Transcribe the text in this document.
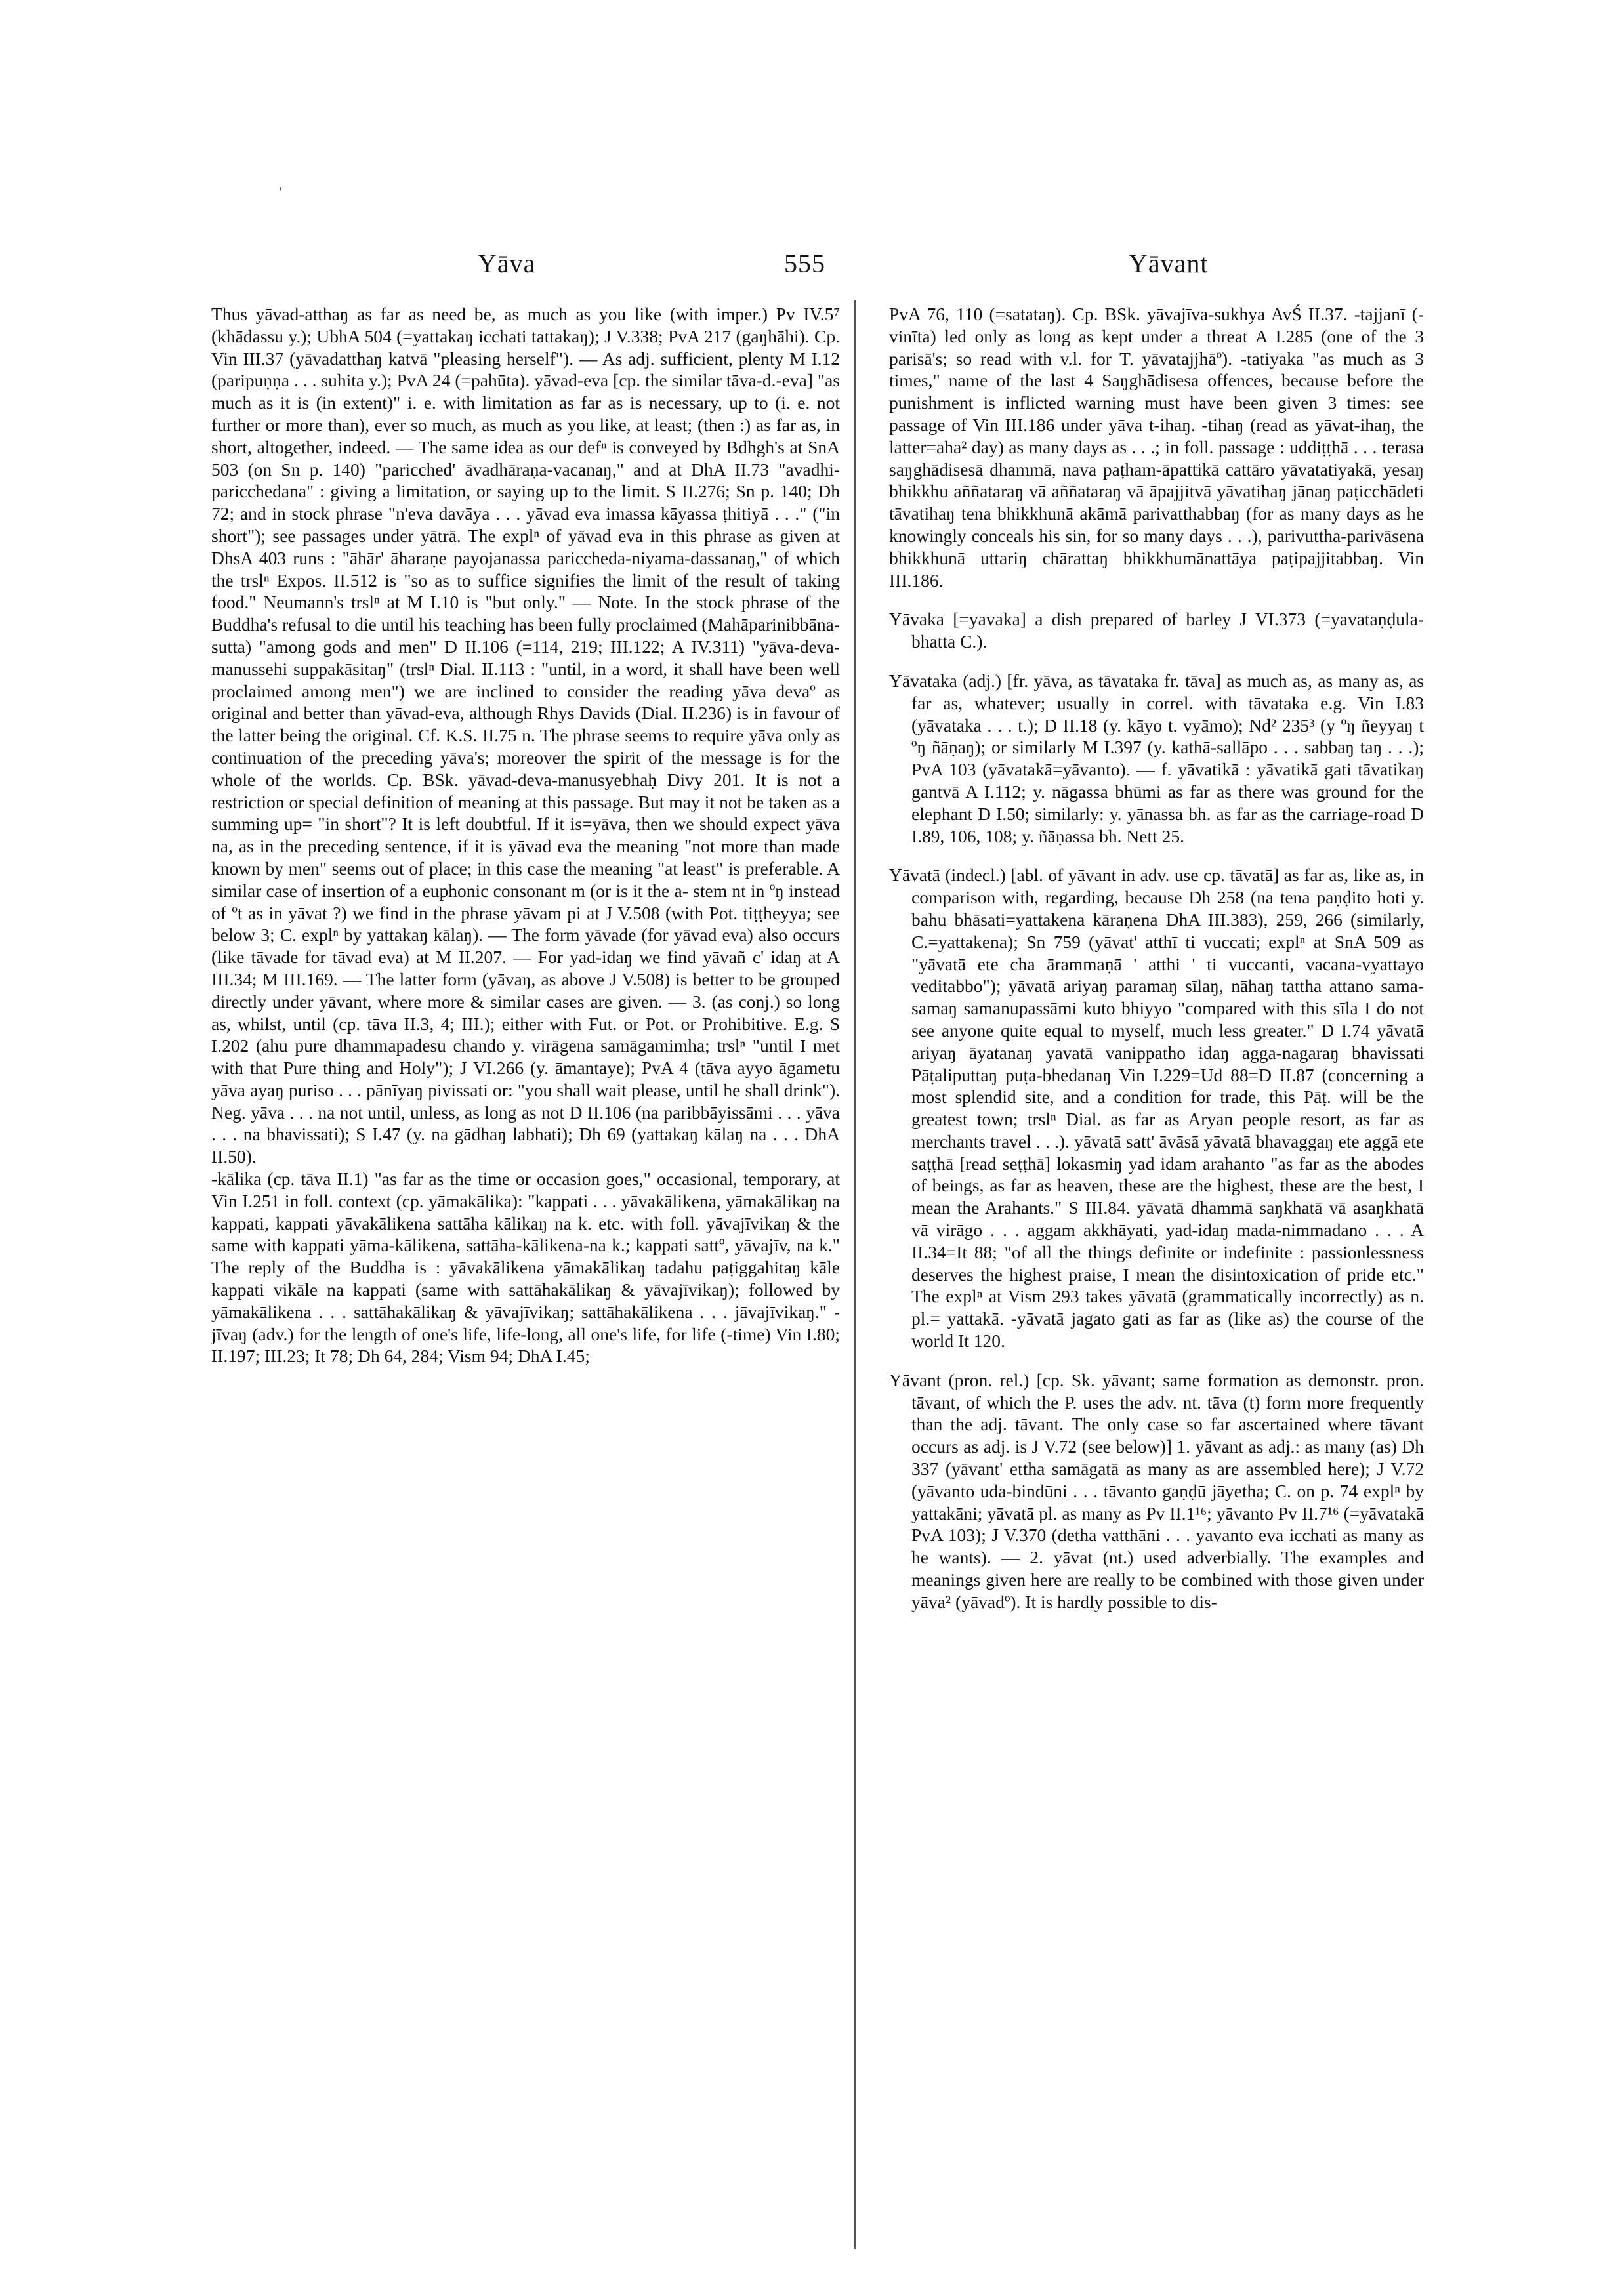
'
Yāva	555	Yāvant

Thus yāvad-atthaŋ as far as need be, as much as you like (with imper.) Pv IV.5⁷ (khādassu y.); UbhA 504 (=yattakaŋ icchati tattakaŋ); J V.338; PvA 217 (gaŋhāhi). Cp. Vin III.37 (yāvadatthaŋ katvā "pleasing herself"). — As adj. sufficient, plenty M I.12 (paripuṇṇa . . . suhita y.); PvA 24 (=pahūta). yāvad-eva [cp. the similar tāva-d.-eva] "as much as it is (in extent)" i. e. with limitation as far as is necessary, up to (i. e. not further or more than), ever so much, as much as you like, at least; (then :) as far as, in short, altogether, indeed. — The same idea as our defⁿ is conveyed by Bdhgh's at SnA 503 (on Sn p. 140) "paricched' āvadhāraṇa-vacanaŋ," and at DhA II.73 "avadhi-paricchedana" : giving a limitation, or saying up to the limit. S II.276; Sn p. 140; Dh 72; and in stock phrase "n'eva davāya . . . yāvad eva imassa kāyassa ṭhitiyā . . ." ("in short"); see passages under yātrā. The explⁿ of yāvad eva in this phrase as given at DhsA 403 runs : "āhār' āharaṇe payojanassa pariccheda-niyama-dassanaŋ," of which the trslⁿ Expos. II.512 is "so as to suffice signifies the limit of the result of taking food." Neumann's trslⁿ at M I.10 is "but only." — Note. In the stock phrase of the Buddha's refusal to die until his teaching has been fully proclaimed (Mahāparinibbāna-sutta) "among gods and men" D II.106 (=114, 219; III.122; A IV.311) "yāva-deva-manussehi suppakāsitaŋ" (trslⁿ Dial. II.113 : "until, in a word, it shall have been well proclaimed among men") we are inclined to consider the reading yāva devaº as original and better than yāvad-eva, although Rhys Davids (Dial. II.236) is in favour of the latter being the original. Cf. K.S. II.75 n. The phrase seems to require yāva only as continuation of the preceding yāva's; moreover the spirit of the message is for the whole of the worlds. Cp. BSk. yāvad-deva-manusyebhaḥ Divy 201. It is not a restriction or special definition of meaning at this passage. But may it not be taken as a summing up= "in short"? It is left doubtful. If it is=yāva, then we should expect yāva na, as in the preceding sentence, if it is yāvad eva the meaning "not more than made known by men" seems out of place; in this case the meaning "at least" is preferable. A similar case of insertion of a euphonic consonant m (or is it the a- stem nt in ºŋ instead of ºt as in yāvat ?) we find in the phrase yāvam pi at J V.508 (with Pot. tiṭṭheyya; see below 3; C. explⁿ by yattakaŋ kālaŋ). — The form yāvade (for yāvad eva) also occurs (like tāvade for tāvad eva) at M II.207. — For yad-idaŋ we find yāvañ c' idaŋ at A III.34; M III.169. — The latter form (yāvaŋ, as above J V.508) is better to be grouped directly under yāvant, where more & similar cases are given. — 3. (as conj.) so long as, whilst, until (cp. tāva II.3, 4; III.); either with Fut. or Pot. or Prohibitive. E.g. S I.202 (ahu pure dhammapadesu chando y. virāgena samāgamimha; trslⁿ "until I met with that Pure thing and Holy"); J VI.266 (y. āmantaye); PvA 4 (tāva ayyo āgametu yāva ayaŋ puriso . . . pānīyaŋ pivissati or: "you shall wait please, until he shall drink"). Neg. yāva . . . na not until, unless, as long as not D II.106 (na paribbāyissāmi . . . yāva . . . na bhavissati); S I.47 (y. na gādhaŋ labhati); Dh 69 (yattakaŋ kālaŋ na . . . DhA II.50).

-kālika (cp. tāva II.1) "as far as the time or occasion goes," occasional, temporary, at Vin I.251 in foll. context (cp. yāmakālika): "kappati . . . yāvakālikena, yāmakālikaŋ na kappati, kappati yāvakālikena sattāha kālikaŋ na k. etc. with foll. yāvajīvikaŋ & the same with kappati yāma-kālikena, sattāha-kālikena-na k.; kappati sattº, yāvajīv, na k." The reply of the Buddha is : yāvakālikena yāmakālikaŋ tadahu paṭiggahitaŋ kāle kappati vikāle na kappati (same with sattāhakālikaŋ & yāvajīvikaŋ); followed by yāmakālikena . . . sattāhakālikaŋ & yāvajīvikaŋ; sattāhakālikena . . . jāvajīvikaŋ." -jīvaŋ (adv.) for the length of one's life, life-long, all one's life, for life (-time) Vin I.80; II.197; III.23; It 78; Dh 64, 284; Vism 94; DhA I.45;

PvA 76, 110 (=satataŋ). Cp. BSk. yāvajīva-sukhya AvŚ II.37. -tajjanī (-vinīta) led only as long as kept under a threat A I.285 (one of the 3 parisā's; so read with v.l. for T. yāvatajjhāº). -tatiyaka "as much as 3 times," name of the last 4 Saŋghādisesa offences, because before the punishment is inflicted warning must have been given 3 times: see passage of Vin III.186 under yāva t-ihaŋ. -tihaŋ (read as yāvat-ihaŋ, the latter=aha² day) as many days as . . .; in foll. passage : uddiṭṭhā . . . terasa saŋghādisesā dhammā, nava paṭham-āpattikā cattāro yāvatatiyakā, yesaŋ bhikkhu aññataraŋ vā aññataraŋ vā āpajjitvā yāvatihaŋ jānaŋ paṭicchādeti tāvatihaŋ tena bhikkhunā akāmā parivatthabbaŋ (for as many days as he knowingly conceals his sin, for so many days . . .), parivuttha-parivāsena bhikkhunā uttariŋ chārattaŋ bhikkhumānattāya paṭipajjitabbaŋ. Vin III.186.

Yāvaka [=yavaka] a dish prepared of barley J VI.373 (=yavataṇḍula-bhatta C.).

Yāvataka (adj.) [fr. yāva, as tāvataka fr. tāva] as much as, as many as, as far as, whatever; usually in correl. with tāvataka e.g. Vin I.83 (yāvataka . . . t.); D II.18 (y. kāyo t. vyāmo); Nd² 235³ (y ºŋ ñeyyaŋ t ºŋ ñāṇaŋ); or similarly M I.397 (y. kathā-sallāpo . . . sabbaŋ taŋ . . .); PvA 103 (yāvatakā=yāvanto). — f. yāvatikā : yāvatikā gati tāvatikaŋ gantvā A I.112; y. nāgassa bhūmi as far as there was ground for the elephant D I.50; similarly: y. yānassa bh. as far as the carriage-road D I.89, 106, 108; y. ñāṇassa bh. Nett 25.

Yāvatā (indecl.) [abl. of yāvant in adv. use cp. tāvatā] as far as, like as, in comparison with, regarding, because Dh 258 (na tena paṇḍito hoti y. bahu bhāsati=yattakena kāraṇena DhA III.383), 259, 266 (similarly, C.=yattakena); Sn 759 (yāvat' atthī ti vuccati; explⁿ at SnA 509 as "yāvatā ete cha ārammaṇā ' atthi ' ti vuccanti, vacana-vyattayo veditabbo"); yāvatā ariyaŋ paramaŋ sīlaŋ, nāhaŋ tattha attano sama-samaŋ samanupassāmi kuto bhiyyo "compared with this sīla I do not see anyone quite equal to myself, much less greater." D I.74 yāvatā ariyaŋ āyatanaŋ yavatā vanippatho idaŋ agga-nagaraŋ bhavissati Pāṭaliputtaŋ puṭa-bhedanaŋ Vin I.229=Ud 88=D II.87 (concerning a most splendid site, and a condition for trade, this Pāṭ. will be the greatest town; trslⁿ Dial. as far as Aryan people resort, as far as merchants travel . . .). yāvatā satt' āvāsā yāvatā bhavaggaŋ ete aggā ete saṭṭhā [read seṭṭhā] lokasmiŋ yad idam arahanto "as far as the abodes of beings, as far as heaven, these are the highest, these are the best, I mean the Arahants." S III.84. yāvatā dhammā saŋkhatā vā asaŋkhatā vā virāgo . . . aggam akkhāyati, yad-idaŋ mada-nimmadano . . . A II.34=It 88; "of all the things definite or indefinite : passionlessness deserves the highest praise, I mean the disintoxication of pride etc." The explⁿ at Vism 293 takes yāvatā (grammatically incorrectly) as n. pl.= yattakā. -yāvatā jagato gati as far as (like as) the course of the world It 120.

Yāvant (pron. rel.) [cp. Sk. yāvant; same formation as demonstr. pron. tāvant, of which the P. uses the adv. nt. tāva (t) form more frequently than the adj. tāvant. The only case so far ascertained where tāvant occurs as adj. is J V.72 (see below)] 1. yāvant as adj.: as many (as) Dh 337 (yāvant' ettha samāgatā as many as are assembled here); J V.72 (yāvanto uda-bindūni . . . tāvanto gaṇḍū jāyetha; C. on p. 74 explⁿ by yattakāni; yāvatā pl. as many as Pv II.1¹⁶; yāvanto Pv II.7¹⁶ (=yāvatakā PvA 103); J V.370 (detha vatthāni . . . yavanto eva icchati as many as he wants). — 2. yāvat (nt.) used adverbially. The examples and meanings given here are really to be combined with those given under yāva² (yāvadº). It is hardly possible to dis-
